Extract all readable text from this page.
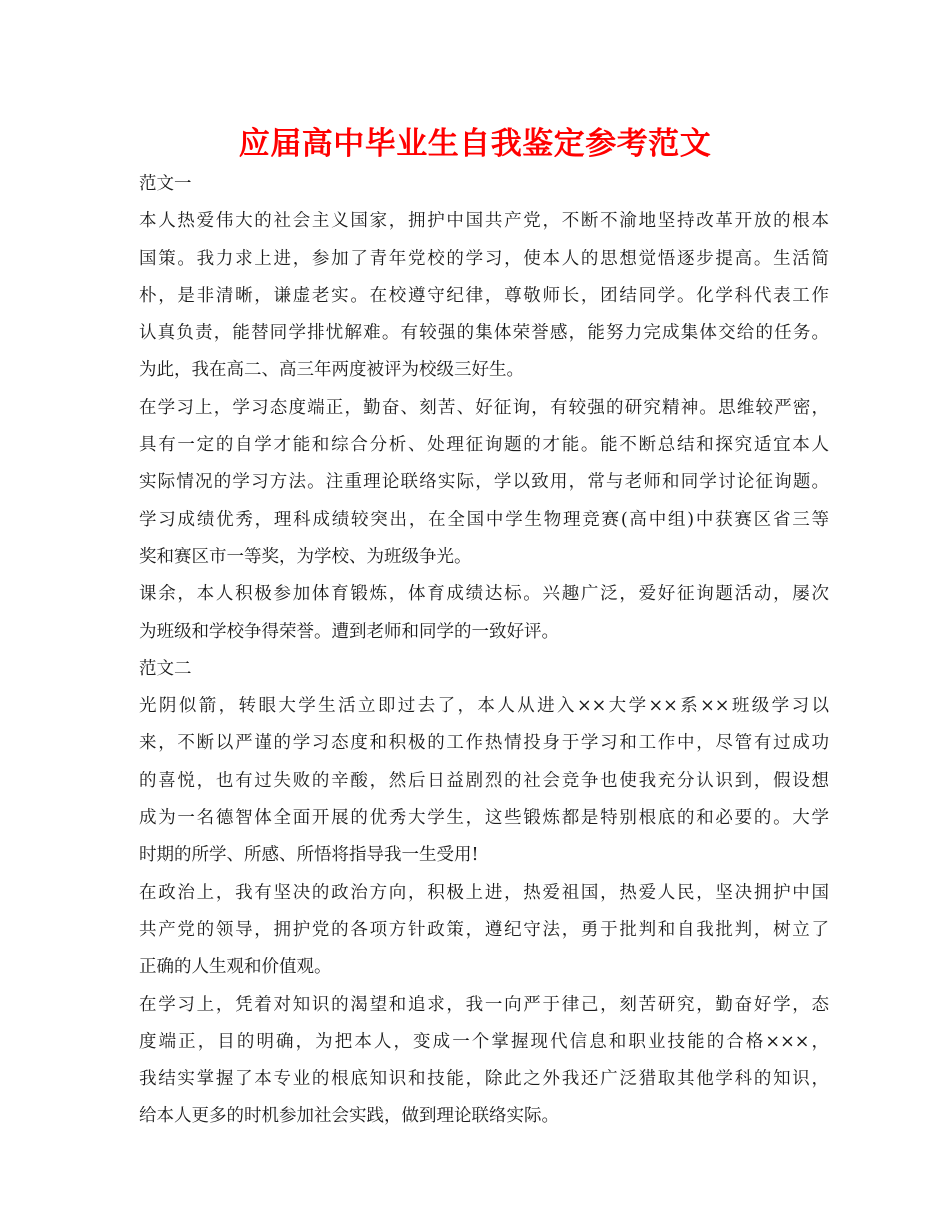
应届高中毕业生自我鉴定参考范文
范文一
本人热爱伟大的社会主义国家，拥护中国共产党，不断不渝地坚持改革开放的根本
国策。我力求上进，参加了青年党校的学习，使本人的思想觉悟逐步提高。生活简
朴，是非清晰，谦虚老实。在校遵守纪律，尊敬师长，团结同学。化学科代表工作
认真负责，能替同学排忧解难。有较强的集体荣誉感，能努力完成集体交给的任务。
为此，我在高二、高三年两度被评为校级三好生。
在学习上，学习态度端正，勤奋、刻苦、好征询，有较强的研究精神。思维较严密，
具有一定的自学才能和综合分析、处理征询题的才能。能不断总结和探究适宜本人
实际情况的学习方法。注重理论联络实际，学以致用，常与老师和同学讨论征询题。
学习成绩优秀，理科成绩较突出，在全国中学生物理竞赛(高中组)中获赛区省三等
奖和赛区市一等奖，为学校、为班级争光。
课余，本人积极参加体育锻炼，体育成绩达标。兴趣广泛，爱好征询题活动，屡次
为班级和学校争得荣誉。遭到老师和同学的一致好评。
范文二
光阴似箭，转眼大学生活立即过去了，本人从进入××大学××系××班级学习以
来，不断以严谨的学习态度和积极的工作热情投身于学习和工作中，尽管有过成功
的喜悦，也有过失败的辛酸，然后日益剧烈的社会竞争也使我充分认识到，假设想
成为一名德智体全面开展的优秀大学生，这些锻炼都是特别根底的和必要的。大学
时期的所学、所感、所悟将指导我一生受用!
在政治上，我有坚决的政治方向，积极上进，热爱祖国，热爱人民，坚决拥护中国
共产党的领导，拥护党的各项方针政策，遵纪守法，勇于批判和自我批判，树立了
正确的人生观和价值观。
在学习上，凭着对知识的渴望和追求，我一向严于律己，刻苦研究，勤奋好学，态
度端正，目的明确，为把本人，变成一个掌握现代信息和职业技能的合格×××，
我结实掌握了本专业的根底知识和技能，除此之外我还广泛猎取其他学科的知识，
给本人更多的时机参加社会实践，做到理论联络实际。
